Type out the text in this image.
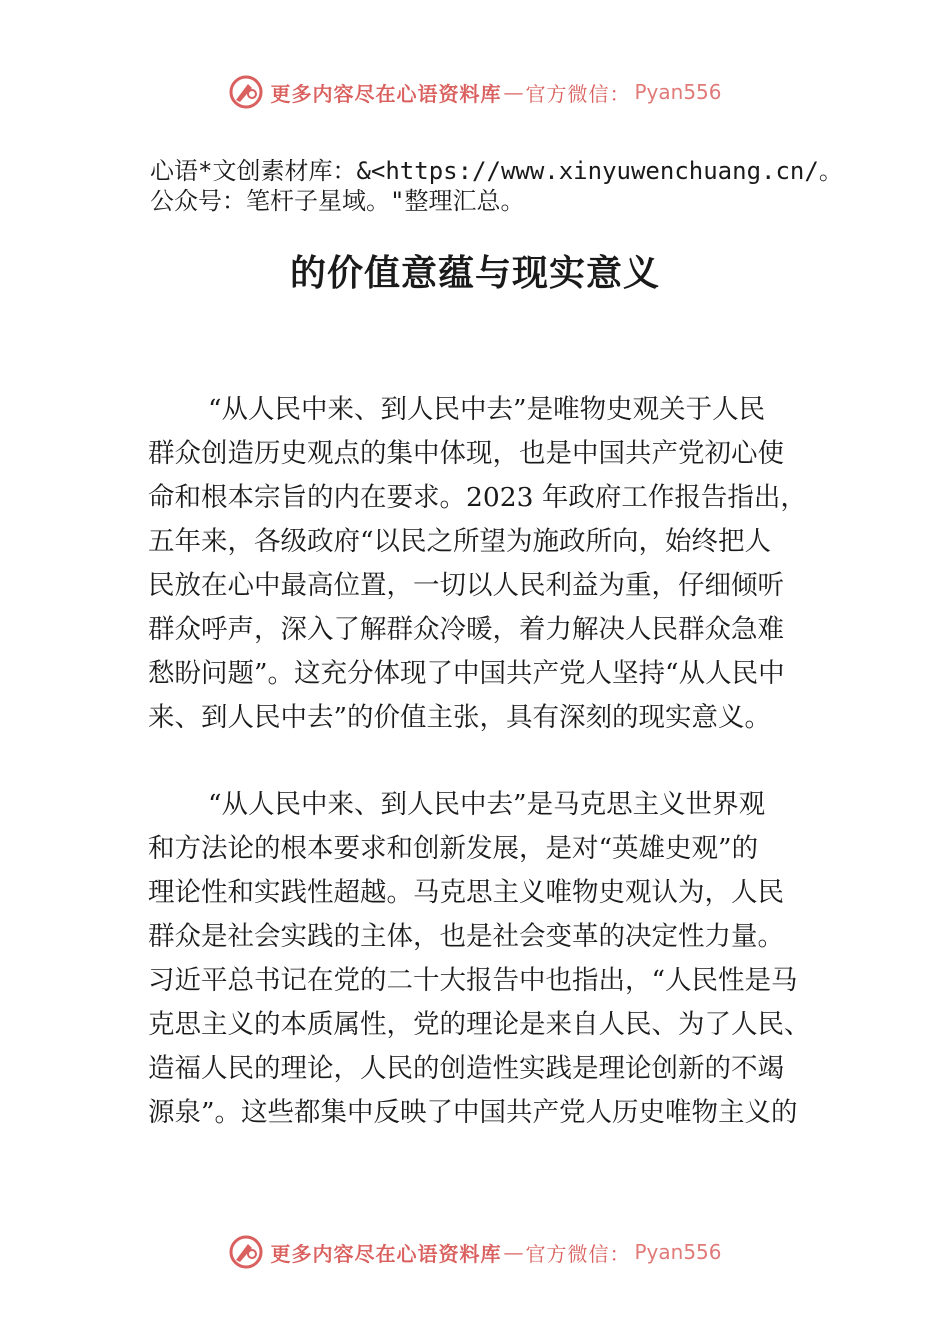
更多内容尽在心语资料库 — 官方微信： Pyan556
心语*文创素材库：&<https://www.xinyuwenchuang.cn/。
公众号：笔杆子星域。"整理汇总。
的价值意蕴与现实意义
“从人民中来、到人民中去”是唯物史观关于人民
群众创造历史观点的集中体现，也是中国共产党初心使
命和根本宗旨的内在要求。2023 年政府工作报告指出，
五年来，各级政府“以民之所望为施政所向，始终把人
民放在心中最高位置，一切以人民利益为重，仔细倾听
群众呼声，深入了解群众冷暖，着力解决人民群众急难
愁盼问题”。这充分体现了中国共产党人坚持“从人民中
来、到人民中去”的价值主张，具有深刻的现实意义。
“从人民中来、到人民中去”是马克思主义世界观
和方法论的根本要求和创新发展，是对“英雄史观”的
理论性和实践性超越。马克思主义唯物史观认为，人民
群众是社会实践的主体，也是社会变革的决定性力量。
习近平总书记在党的二十大报告中也指出，“人民性是马
克思主义的本质属性，党的理论是来自人民、为了人民、
造福人民的理论，人民的创造性实践是理论创新的不竭
源泉”。这些都集中反映了中国共产党人历史唯物主义的
更多内容尽在心语资料库 — 官方微信： Pyan556
